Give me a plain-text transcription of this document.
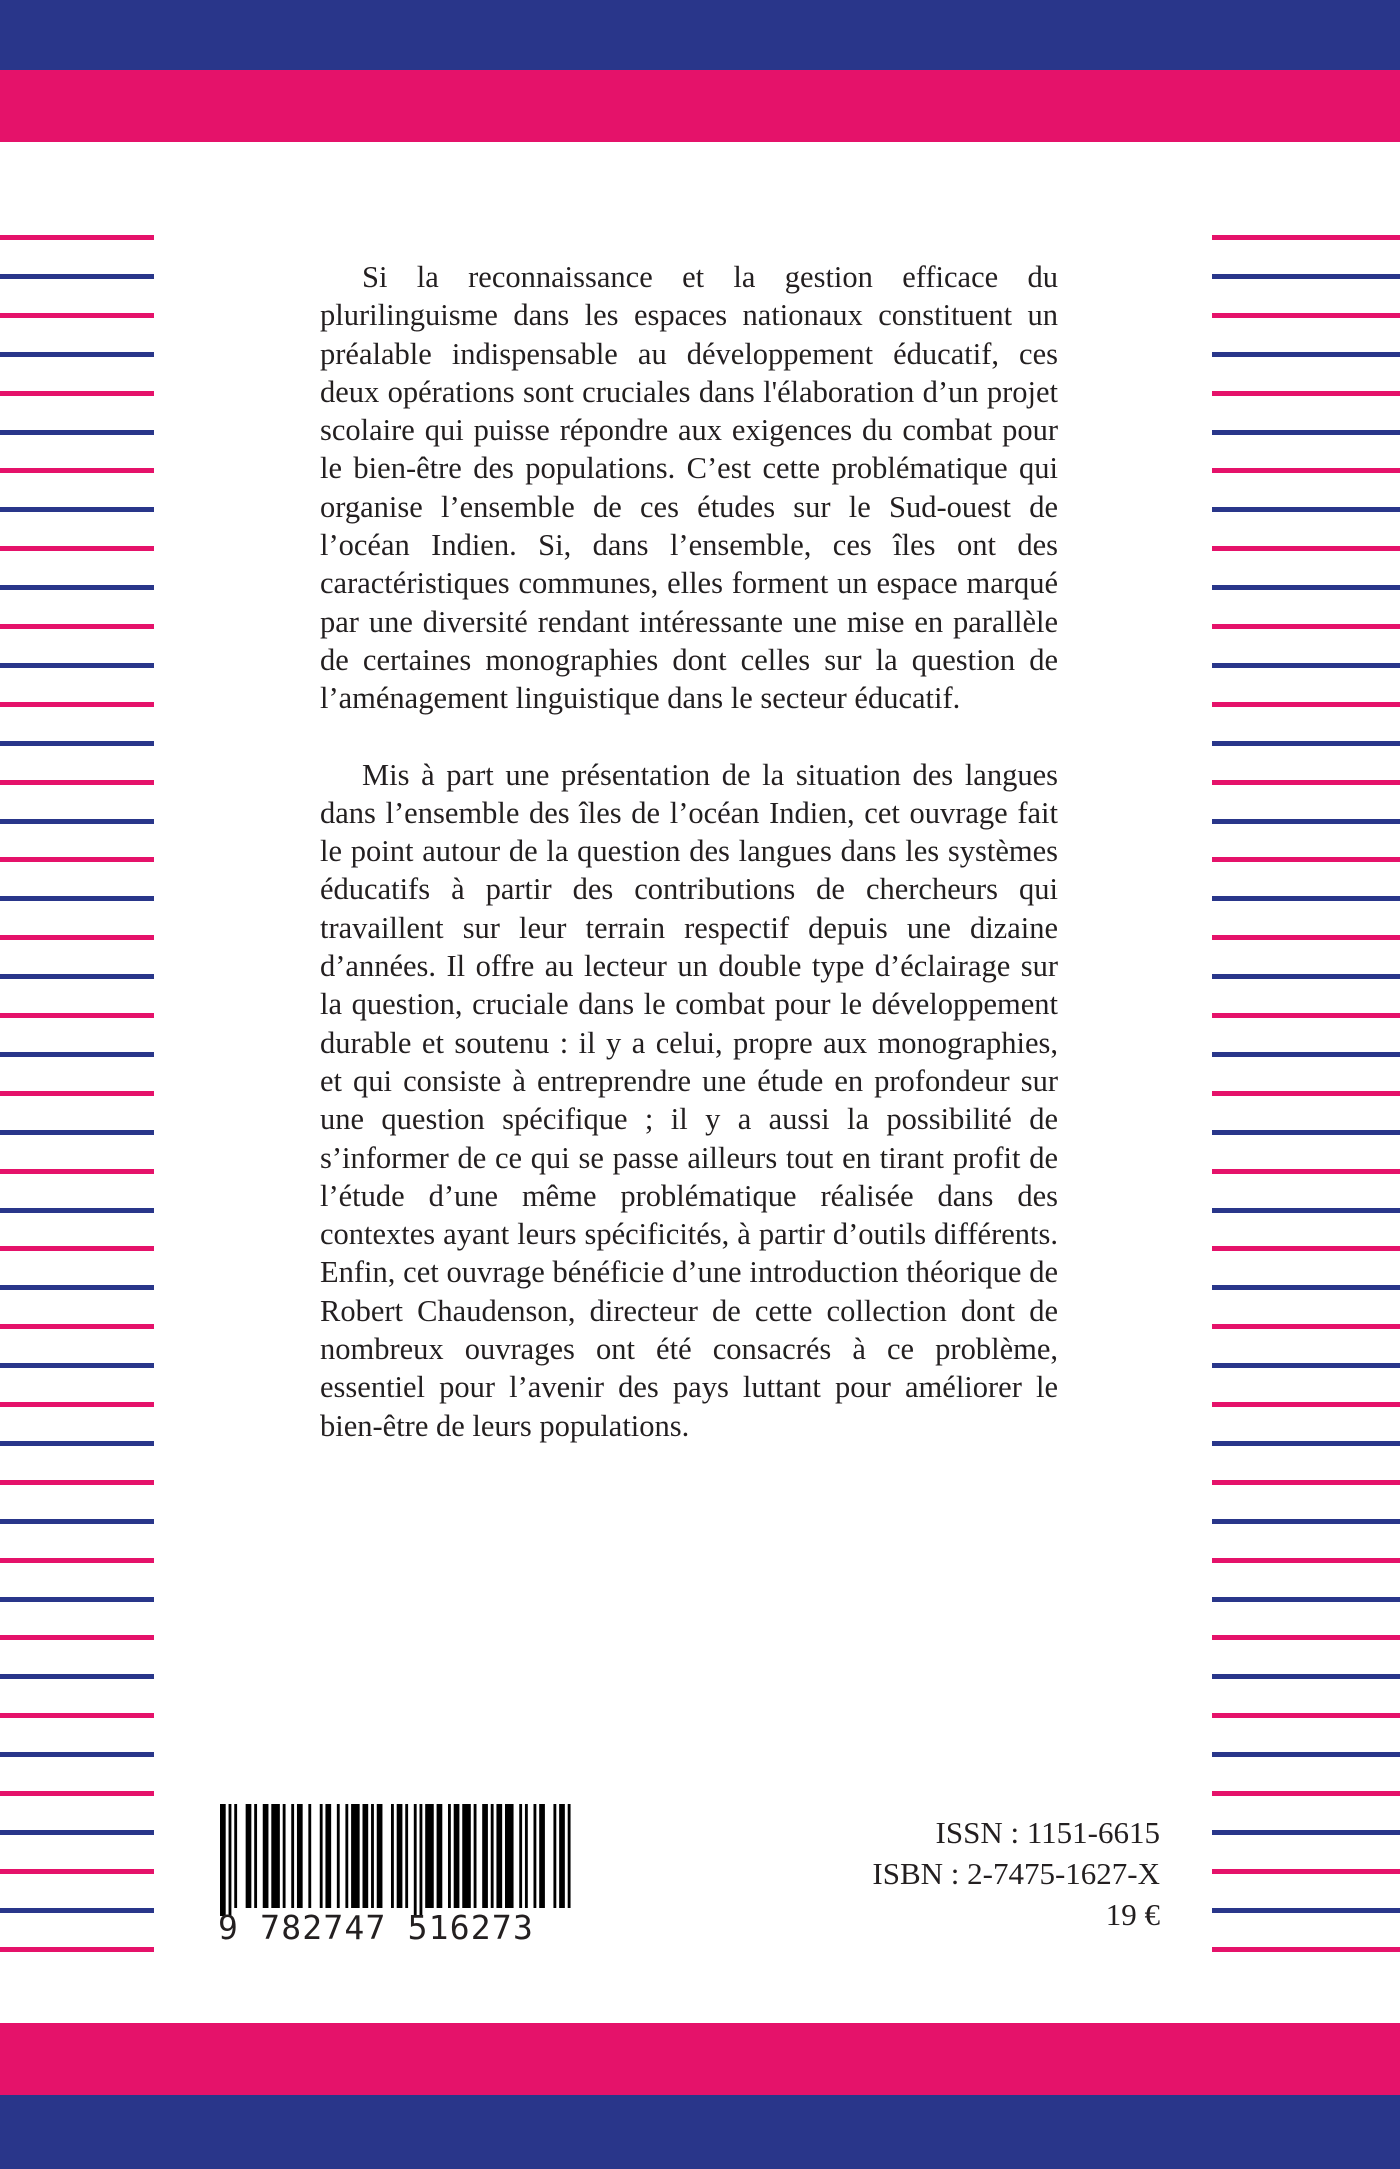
Si la reconnaissance et la gestion efficace du plurilinguisme dans les espaces nationaux constituent un préalable indispensable au développement éducatif, ces deux opérations sont cruciales dans l'élaboration d’un projet scolaire qui puisse répondre aux exigences du combat pour le bien-être des populations. C’est cette problématique qui organise l’ensemble de ces études sur le Sud-ouest de l’océan Indien. Si, dans l’ensemble, ces îles ont des caractéristiques communes, elles forment un espace marqué par une diversité rendant intéressante une mise en parallèle de certaines monographies dont celles sur la question de l’aménagement linguistique dans le secteur éducatif.

Mis à part une présentation de la situation des langues dans l’ensemble des îles de l’océan Indien, cet ouvrage fait le point autour de la question des langues dans les systèmes éducatifs à partir des contributions de chercheurs qui travaillent sur leur terrain respectif depuis une dizaine d’années. Il offre au lecteur un double type d’éclairage sur la question, cruciale dans le combat pour le développement durable et soutenu : il y a celui, propre aux monographies, et qui consiste à entreprendre une étude en profondeur sur une question spécifique ; il y a aussi la possibilité de s’informer de ce qui se passe ailleurs tout en tirant profit de l’étude d’une même problématique réalisée dans des contextes ayant leurs spécificités, à partir d’outils différents. Enfin, cet ouvrage bénéficie d’une introduction théorique de Robert Chaudenson, directeur de cette collection dont de nombreux ouvrages ont été consacrés à ce problème, essentiel pour l’avenir des pays luttant pour améliorer le bien-être de leurs populations.

9 782747 516273
ISSN : 1151-6615
ISBN : 2-7475-1627-X
19 €
